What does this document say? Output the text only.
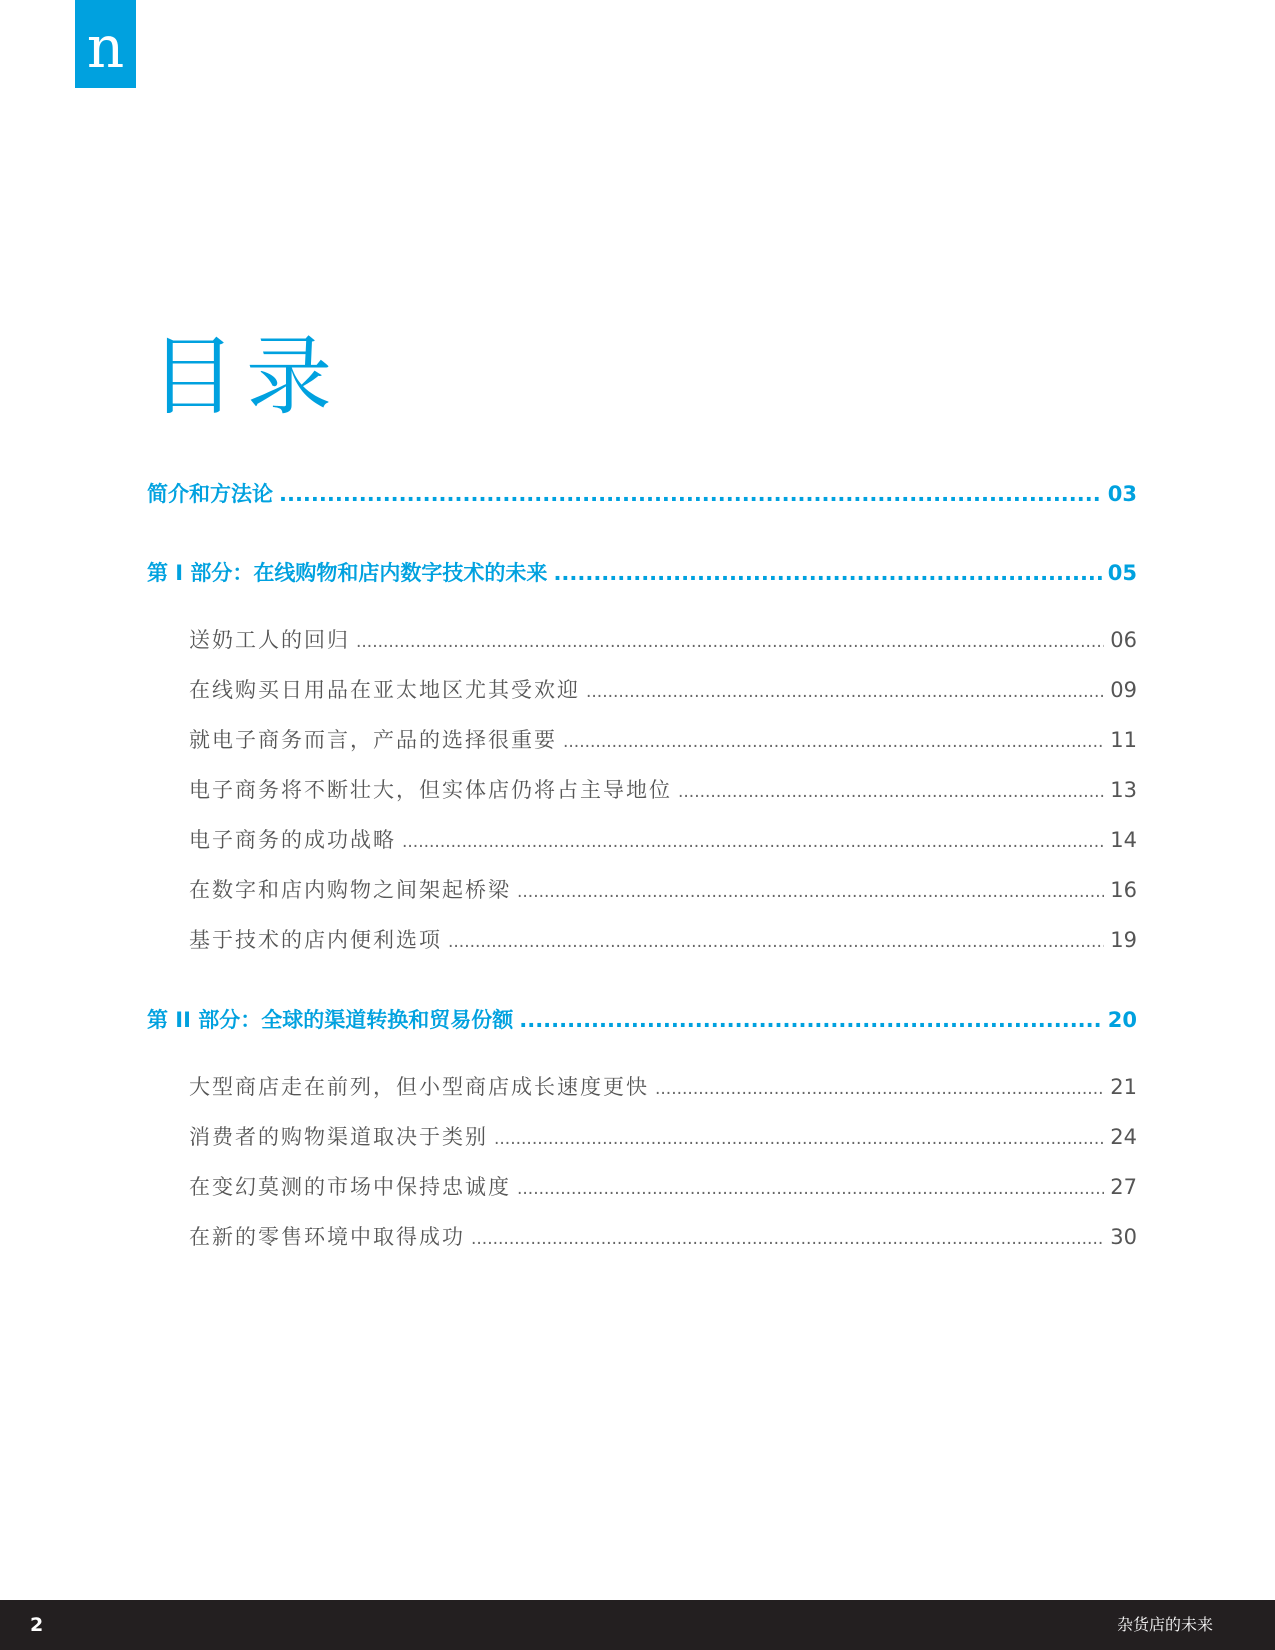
n
目录
简介和方法论 .....	03
第 I 部分：在线购物和店内数字技术的未来 .....	05
送奶工人的回归 .....	06
在线购买日用品在亚太地区尤其受欢迎 .....	09
就电子商务而言，产品的选择很重要 .....	11
电子商务将不断壮大，但实体店仍将占主导地位 .....	13
电子商务的成功战略 .....	14
在数字和店内购物之间架起桥梁 .....	16
基于技术的店内便利选项 .....	19
第 II 部分：全球的渠道转换和贸易份额 .....	20
大型商店走在前列，但小型商店成长速度更快 .....	21
消费者的购物渠道取决于类别 .....	24
在变幻莫测的市场中保持忠诚度 .....	27
在新的零售环境中取得成功 .....	30
2	杂货店的未来
